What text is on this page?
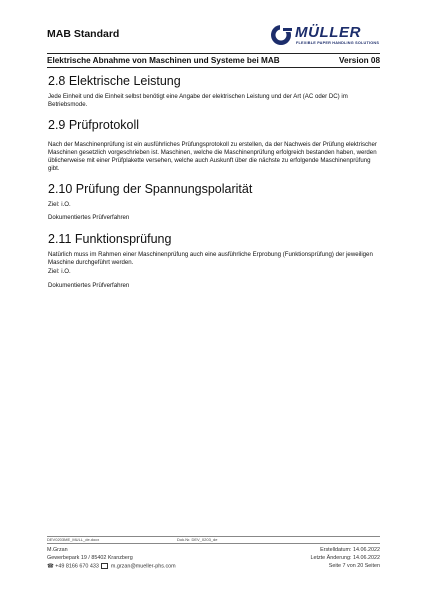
MAB Standard	MÜLLER
FLEXIBLE PAPER HANDLING SOLUTIONS
Elektrische Abnahme von Maschinen und Systeme bei MAB	Version 08
2.8 Elektrische Leistung
Jede Einheit und die Einheit selbst benötigt eine Angabe der elektrischen Leistung und der Art (AC oder DC) im Betriebsmode.
2.9 Prüfprotokoll
Nach der Maschinenprüfung ist ein ausführliches Prüfungsprotokoll zu erstellen, da der Nachweis der Prüfung elektrischer Maschinen gesetzlich vorgeschrieben ist. Maschinen, welche die Maschinenprüfung erfolgreich bestanden haben, werden üblicherweise mit einer Prüfplakette versehen, welche auch Auskunft über die nächste zu erfolgende Maschinenprüfung gibt.
2.10 Prüfung der Spannungspolarität
Ziel: i.O.
Dokumentiertes Prüfverfahren
2.11 Funktionsprüfung
Natürlich muss im Rahmen einer Maschinenprüfung auch eine ausführliche Erprobung (Funktionsprüfung) der jeweiligen Maschine durchgeführt werden.
Ziel: i.O.
Dokumentiertes Prüfverfahren
DEV0203ME_MULL_de.docx	Dok.Nr. DEV_0203_de
M.Grzan
Gewerbepark 19 / 85402 Kranzberg
☎ +49 8166 670 433 m.grzan@mueller-phs.com
Erstelldatum: 14.06.2022
Letzte Änderung: 14.06.2022
Seite 7 von 20 Seiten
